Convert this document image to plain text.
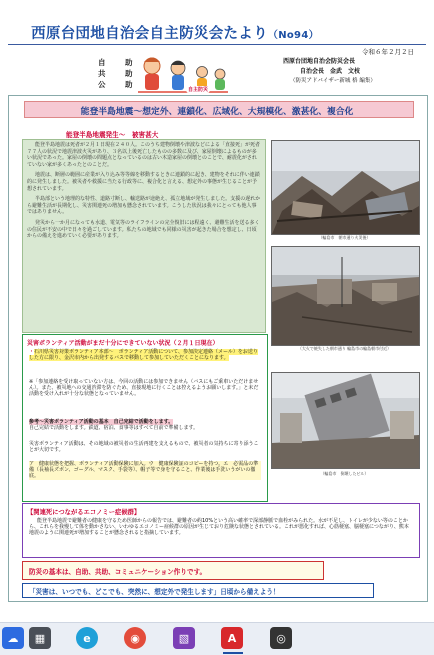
西原台団地自治会自主防災会たより（No94）
令和６年２月２日
自　助
共　助
公　助
自主防災
西原台団地自治会防災会長
自治会長　金武　文枝
（防災アドバイザー新城 格 編集）
能登半島地震～想定外、連鎖化、広域化、大規模化、激甚化、複合化
能登半島地震発生～　被害甚大
能登半島地震は死者が２月１日現在２４０人。このうち建物倒壊や津波などによる「直接死」が死者７７人の状況で地震津波火災があり、３名以上後死亡したものの多数に及び、家屋倒壊によるものが多い状況であった。家屋の倒壊の問題点となっているのは古い木造家屋の倒壊とのことで、耐震化がされていない家が多くあったとのことだ。
地震は、断層の範囲に産業が入り込み等等線を移動するときに連鎖的に起き、建物をそれに伴い連鎖的に発生しました。被災者や救援に当たる行政等に、複合化と言える、想定外の事態が生じることが予想されています。
半島部という地理的な特性、道路寸断し、輸送路が途絶え、孤立地域が発生しました。支援の遅れから避難生活が長期化し、災害関連死の増加も懸念されています。こうした状況は我々にとっても他人事ではありません。
発災から一か月になっても水道、電気等のライフラインの完全復旧には程遠く、避難生活を送る多くの住民が不安の中で日々を過ごしています。私たちの地域でも同様の災害が起きた場合を想定し、日頃からの備えを進めていく必要があります。	（輪島市　朝市通り火災後）
（大火で焼失した朝市通り 輪島市の輪島朝市付近）
（輪島市　倒壊したビル）
災害ボランティア活動がまだ十分にできていない状況（２月１日現在）
・石川県災害対策ボランティア本部～　ボランティア活動について、参加決定連絡（メール）をお送りした方に限り、金沢市内から出発するバスで移動して参加していただくことになります。
※「参加連絡を受け取っていない方は、今回の活動には参加できません（バスにもご乗車いただけません）。また、被災地への交通渋滞を防ぐため、直接現地に行くことは控えるようお願いします。」と未だ活動を受け入れが十分な状態となっていません。
参考～災害ボランティア活動の基本　自己完結で活動をします。
自己完結で活動をします。鉄道、宿泊、食事等はすべて自前で準備します。
災害ボランティア活動は、その地域の被災者の生活再建を支えるもので、被災者の気持ちに寄り添うことが大切です。
ア　健康状態を把握、ボランティア活動保険に加入。ウ　健康保険証のコピーを持つ。エ　必需品の準備（長袖長ズボン、ゴーグル、マスク、手袋等）、帽子等で身を守ること、作業後は手洗いうがいの徹底。
【関連死につながるエコノミー症候群】
能登半島地震で避難者の健康を守るため医師からの報告では、避難者の約10%という高い確率で深部静脈で血栓がみられた。水が不足し、トイレが少ない等のことから、これらを我慢して体を動かさない、いわゆるエコノミー症候群の原因が生じており危険な状態とされている。これが悪化すれば、心筋梗塞、脳梗塞につながり、熊本地震のように関連死が増加することが懸念されると指摘しています。
防災の基本は、自助、共助、コミュニケーション作りです。
「災害は、いつでも、どこでも、突然に、想定外で発生します」日頃から備えよう！
☁	▦	e	◉	▧	A	◎
